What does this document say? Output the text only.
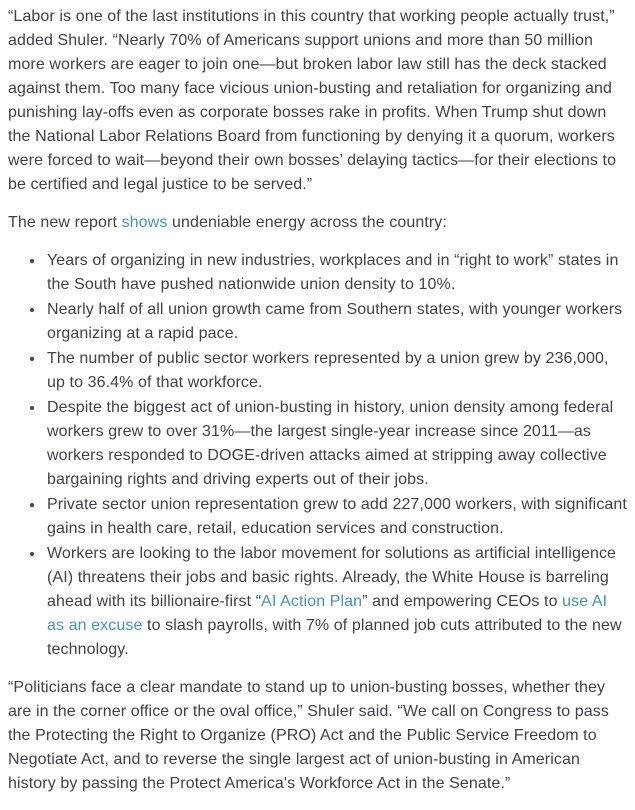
“Labor is one of the last institutions in this country that working people actually trust,” added Shuler. “Nearly 70% of Americans support unions and more than 50 million more workers are eager to join one—but broken labor law still has the deck stacked against them. Too many face vicious union-busting and retaliation for organizing and punishing lay-offs even as corporate bosses rake in profits. When Trump shut down the National Labor Relations Board from functioning by denying it a quorum, workers were forced to wait—beyond their own bosses’ delaying tactics—for their elections to be certified and legal justice to be served.”

The new report shows undeniable energy across the country:

• Years of organizing in new industries, workplaces and in “right to work” states in the South have pushed nationwide union density to 10%.
• Nearly half of all union growth came from Southern states, with younger workers organizing at a rapid pace.
• The number of public sector workers represented by a union grew by 236,000, up to 36.4% of that workforce.
• Despite the biggest act of union-busting in history, union density among federal workers grew to over 31%—the largest single-year increase since 2011—as workers responded to DOGE-driven attacks aimed at stripping away collective bargaining rights and driving experts out of their jobs.
• Private sector union representation grew to add 227,000 workers, with significant gains in health care, retail, education services and construction.
• Workers are looking to the labor movement for solutions as artificial intelligence (AI) threatens their jobs and basic rights. Already, the White House is barreling ahead with its billionaire-first “AI Action Plan” and empowering CEOs to use AI as an excuse to slash payrolls, with 7% of planned job cuts attributed to the new technology.

“Politicians face a clear mandate to stand up to union-busting bosses, whether they are in the corner office or the oval office,” Shuler said. “We call on Congress to pass the Protecting the Right to Organize (PRO) Act and the Public Service Freedom to Negotiate Act, and to reverse the single largest act of union-busting in American history by passing the Protect America's Workforce Act in the Senate.”
